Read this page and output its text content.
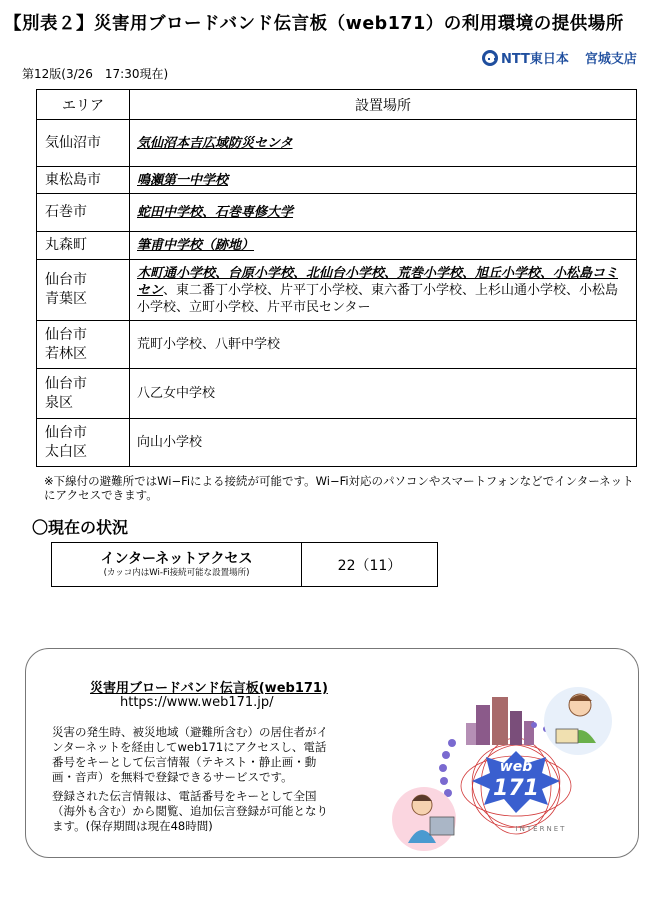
【別表２】災害用ブロードバンド伝言板（web171）の利用環境の提供場所
第12版(3/26　17:30現在)
NTT東日本 宮城支店
エリア	設置場所
気仙沼市	気仙沼本吉広域防災センタ
東松島市	鳴瀬第一中学校
石巻市	蛇田中学校、石巻専修大学
丸森町	筆甫中学校（跡地）
仙台市
青葉区	木町通小学校、台原小学校、北仙台小学校、荒巻小学校、旭丘小学校、小松島コミセン、東二番丁小学校、片平丁小学校、東六番丁小学校、上杉山通小学校、小松島小学校、立町小学校、片平市民センター
仙台市
若林区	荒町小学校、八軒中学校
仙台市
泉区	八乙女中学校
仙台市
太白区	向山小学校
※下線付の避難所ではWi−Fiによる接続が可能です。Wi−Fi対応のパソコンやスマートフォンなどでインターネットにアクセスできます。
〇現在の状況
インターネットアクセス
(カッコ内はWi-Fi接続可能な設置場所)	22（11）
災害用ブロードバンド伝言板(web171)
https://www.web171.jp/
災害の発生時、被災地域（避難所含む）の居住者がインターネットを経由してweb171にアクセスし、電話番号をキーとして伝言情報（テキスト・静止画・動画・音声）を無料で登録できるサービスです。
登録された伝言情報は、電話番号をキーとして全国（海外も含む）から閲覧、追加伝言登録が可能となります。(保存期間は現在48時間)
web
171
INTERNET
